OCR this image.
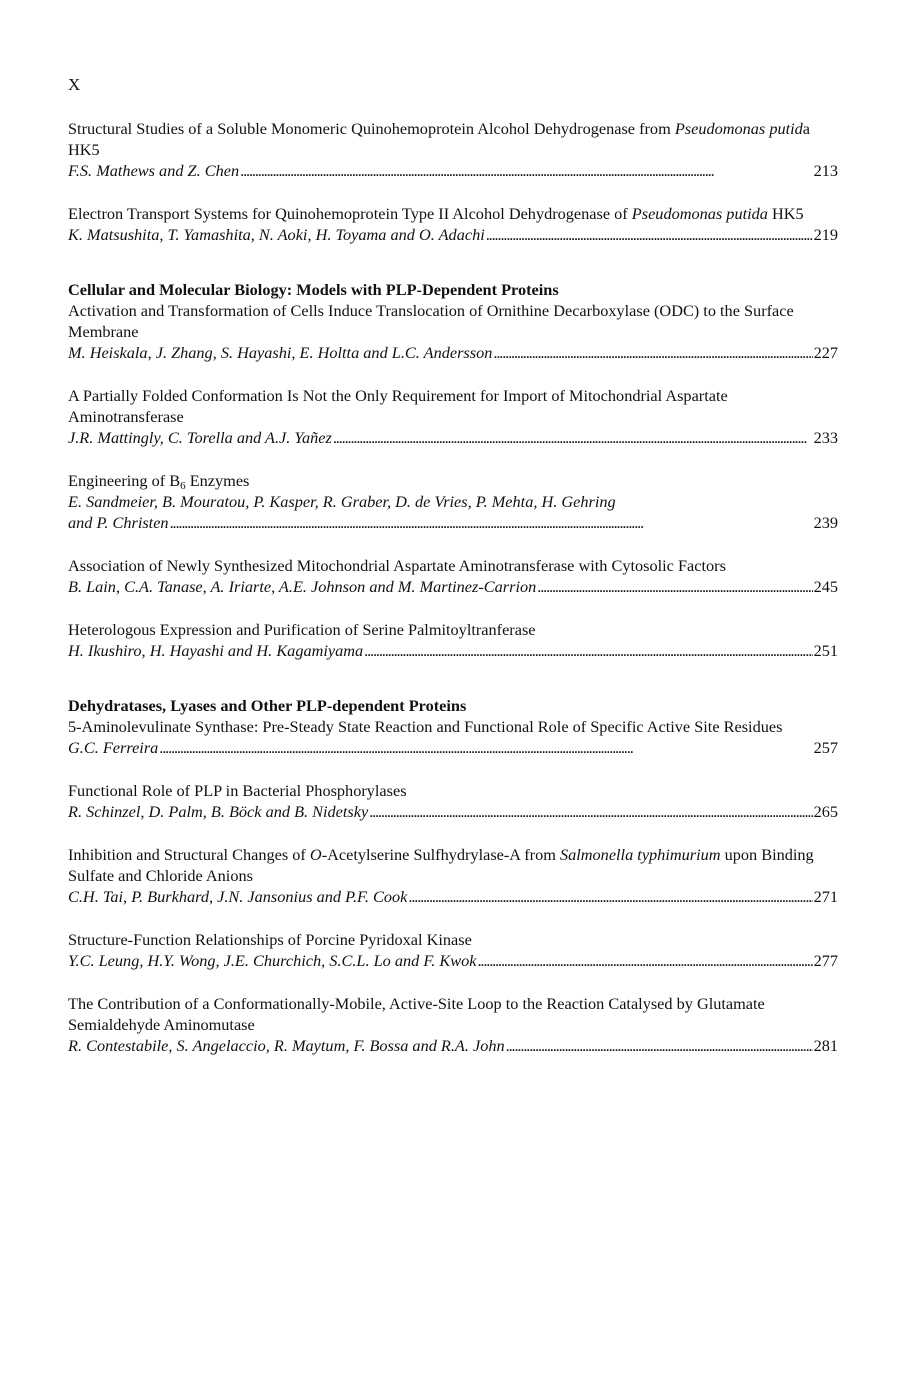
X
Structural Studies of a Soluble Monomeric Quinohemoprotein Alcohol Dehydrogenase from Pseudomonas putida HK5
F.S. Mathews and Z. Chen . . .	213
Electron Transport Systems for Quinohemoprotein Type II Alcohol Dehydrogenase of Pseudomonas putida HK5
K. Matsushita, T. Yamashita, N. Aoki, H. Toyama and O. Adachi . . .	219
Cellular and Molecular Biology: Models with PLP-Dependent Proteins
Activation and Transformation of Cells Induce Translocation of Ornithine Decarboxylase (ODC) to the Surface Membrane
M. Heiskala, J. Zhang, S. Hayashi, E. Holtta and L.C. Andersson . . .	227
A Partially Folded Conformation Is Not the Only Requirement for Import of Mitochondrial Aspartate Aminotransferase
J.R. Mattingly, C. Torella and A.J. Yañez . . .	233
Engineering of $B_6$ Enzymes
E. Sandmeier, B. Mouratou, P. Kasper, R. Graber, D. de Vries, P. Mehta, H. Gehring
and P. Christen . . .	239
Association of Newly Synthesized Mitochondrial Aspartate Aminotransferase with Cytosolic Factors
B. Lain, C.A. Tanase, A. Iriarte, A.E. Johnson and M. Martinez-Carrion . . .	245
Heterologous Expression and Purification of Serine Palmitoyltranferase
H. Ikushiro, H. Hayashi and H. Kagamiyama . . .	251
Dehydratases, Lyases and Other PLP-dependent Proteins
5-Aminolevulinate Synthase: Pre-Steady State Reaction and Functional Role of Specific Active Site Residues
G.C. Ferreira . . .	257
Functional Role of PLP in Bacterial Phosphorylases
R. Schinzel, D. Palm, B. Böck and B. Nidetsky . . .	265
Inhibition and Structural Changes of O-Acetylserine Sulfhydrylase-A from Salmonella typhimurium upon Binding Sulfate and Chloride Anions
C.H. Tai, P. Burkhard, J.N. Jansonius and P.F. Cook . . .	271
Structure-Function Relationships of Porcine Pyridoxal Kinase
Y.C. Leung, H.Y. Wong, J.E. Churchich, S.C.L. Lo and F. Kwok . . .	277
The Contribution of a Conformationally-Mobile, Active-Site Loop to the Reaction Catalysed by Glutamate Semialdehyde Aminomutase
R. Contestabile, S. Angelaccio, R. Maytum, F. Bossa and R.A. John . . .	281
